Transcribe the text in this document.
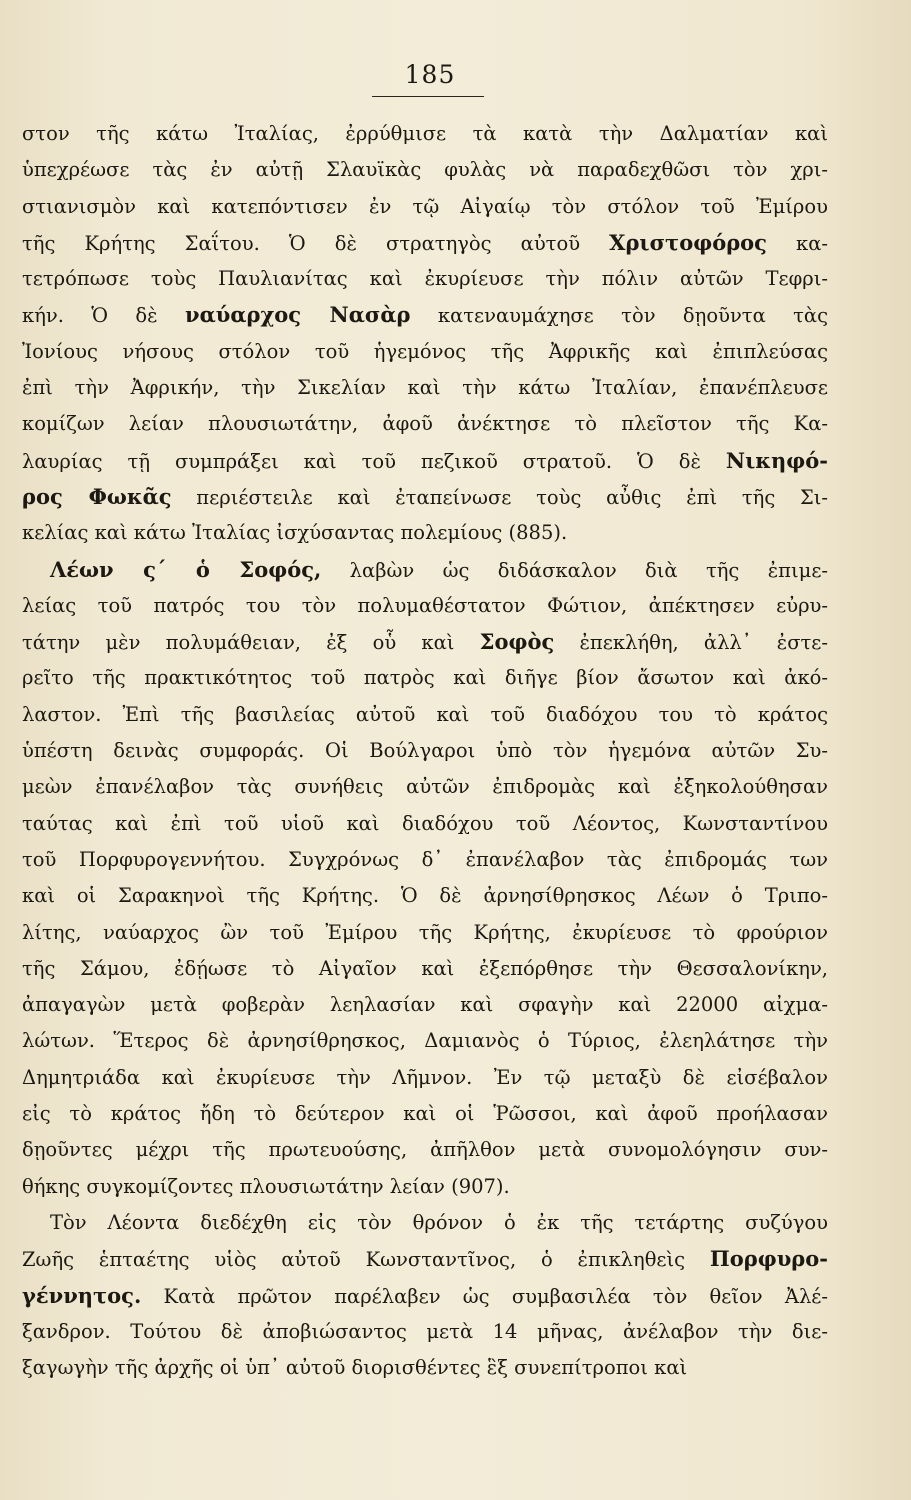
185
στον τῆς κάτω Ἰταλίας, ἐρρύθμισε τὰ κατὰ τὴν Δαλματίαν καὶ
ὑπεχρέωσε τὰς ἐν αὐτῇ Σλαυϊκὰς φυλὰς νὰ παραδεχθῶσι τὸν χρι-
στιανισμὸν καὶ κατεπόντισεν ἐν τῷ Αἰγαίῳ τὸν στόλον τοῦ Ἐμίρου
τῆς Κρήτης Σαΐτου. Ὁ δὲ στρατηγὸς αὐτοῦ Χριστοφόρος κα-
τετρόπωσε τοὺς Παυλιανίτας καὶ ἐκυρίευσε τὴν πόλιν αὐτῶν Τεφρι-
κήν. Ὁ δὲ ναύαρχος Νασὰρ κατεναυμάχησε τὸν δῃοῦντα τὰς
Ἰονίους νήσους στόλον τοῦ ἡγεμόνος τῆς Ἀφρικῆς καὶ ἐπιπλεύσας
ἐπὶ τὴν Ἀφρικήν, τὴν Σικελίαν καὶ τὴν κάτω Ἰταλίαν, ἐπανέπλευσε
κομίζων λείαν πλουσιωτάτην, ἀφοῦ ἀνέκτησε τὸ πλεῖστον τῆς Κα-
λαυρίας τῇ συμπράξει καὶ τοῦ πεζικοῦ στρατοῦ. Ὁ δὲ Νικηφό-
ρος Φωκᾶς περιέστειλε καὶ ἐταπείνωσε τοὺς αὖθις ἐπὶ τῆς Σι-
κελίας καὶ κάτω Ἰταλίας ἰσχύσαντας πολεμίους (885).
Λέων ς΄ ὁ Σοφός, λαβὼν ὡς διδάσκαλον διὰ τῆς ἐπιμε-
λείας τοῦ πατρός του τὸν πολυμαθέστατον Φώτιον, ἀπέκτησεν εὐρυ-
τάτην μὲν πολυμάθειαν, ἐξ οὗ καὶ Σοφὸς ἐπεκλήθη, ἀλλ᾽ ἐστε-
ρεῖτο τῆς πρακτικότητος τοῦ πατρὸς καὶ διῆγε βίον ἄσωτον καὶ ἀκό-
λαστον. Ἐπὶ τῆς βασιλείας αὐτοῦ καὶ τοῦ διαδόχου του τὸ κράτος
ὑπέστη δεινὰς συμφοράς. Οἱ Βούλγαροι ὑπὸ τὸν ἡγεμόνα αὐτῶν Συ-
μεὼν ἐπανέλαβον τὰς συνήθεις αὐτῶν ἐπιδρομὰς καὶ ἐξηκολούθησαν
ταύτας καὶ ἐπὶ τοῦ υἱοῦ καὶ διαδόχου τοῦ Λέοντος, Κωνσταντίνου
τοῦ Πορφυρογεννήτου. Συγχρόνως δ᾽ ἐπανέλαβον τὰς ἐπιδρομάς των
καὶ οἱ Σαρακηνοὶ τῆς Κρήτης. Ὁ δὲ ἀρνησίθρησκος Λέων ὁ Τριπο-
λίτης, ναύαρχος ὢν τοῦ Ἐμίρου τῆς Κρήτης, ἐκυρίευσε τὸ φρούριον
τῆς Σάμου, ἐδῄωσε τὸ Αἰγαῖον καὶ ἐξεπόρθησε τὴν Θεσσαλονίκην,
ἀπαγαγὼν μετὰ φοβερὰν λεηλασίαν καὶ σφαγὴν καὶ 22000 αἰχμα-
λώτων. Ἕτερος δὲ ἀρνησίθρησκος, Δαμιανὸς ὁ Τύριος, ἐλεηλάτησε τὴν
Δημητριάδα καὶ ἐκυρίευσε τὴν Λῆμνον. Ἐν τῷ μεταξὺ δὲ εἰσέβαλον
εἰς τὸ κράτος ἤδη τὸ δεύτερον καὶ οἱ Ῥῶσσοι, καὶ ἀφοῦ προήλασαν
δῃοῦντες μέχρι τῆς πρωτευούσης, ἀπῆλθον μετὰ συνομολόγησιν συν-
θήκης συγκομίζοντες πλουσιωτάτην λείαν (907).
Τὸν Λέοντα διεδέχθη εἰς τὸν θρόνον ὁ ἐκ τῆς τετάρτης συζύγου
Ζωῆς ἑπταέτης υἱὸς αὐτοῦ Κωνσταντῖνος, ὁ ἐπικληθεὶς Πορφυρο-
γέννητος. Κατὰ πρῶτον παρέλαβεν ὡς συμβασιλέα τὸν θεῖον Ἀλέ-
ξανδρον. Τούτου δὲ ἀποβιώσαντος μετὰ 14 μῆνας, ἀνέλαβον τὴν διε-
ξαγωγὴν τῆς ἀρχῆς οἱ ὑπ᾽ αὐτοῦ διορισθέντες ἓξ συνεπίτροποι καὶ
